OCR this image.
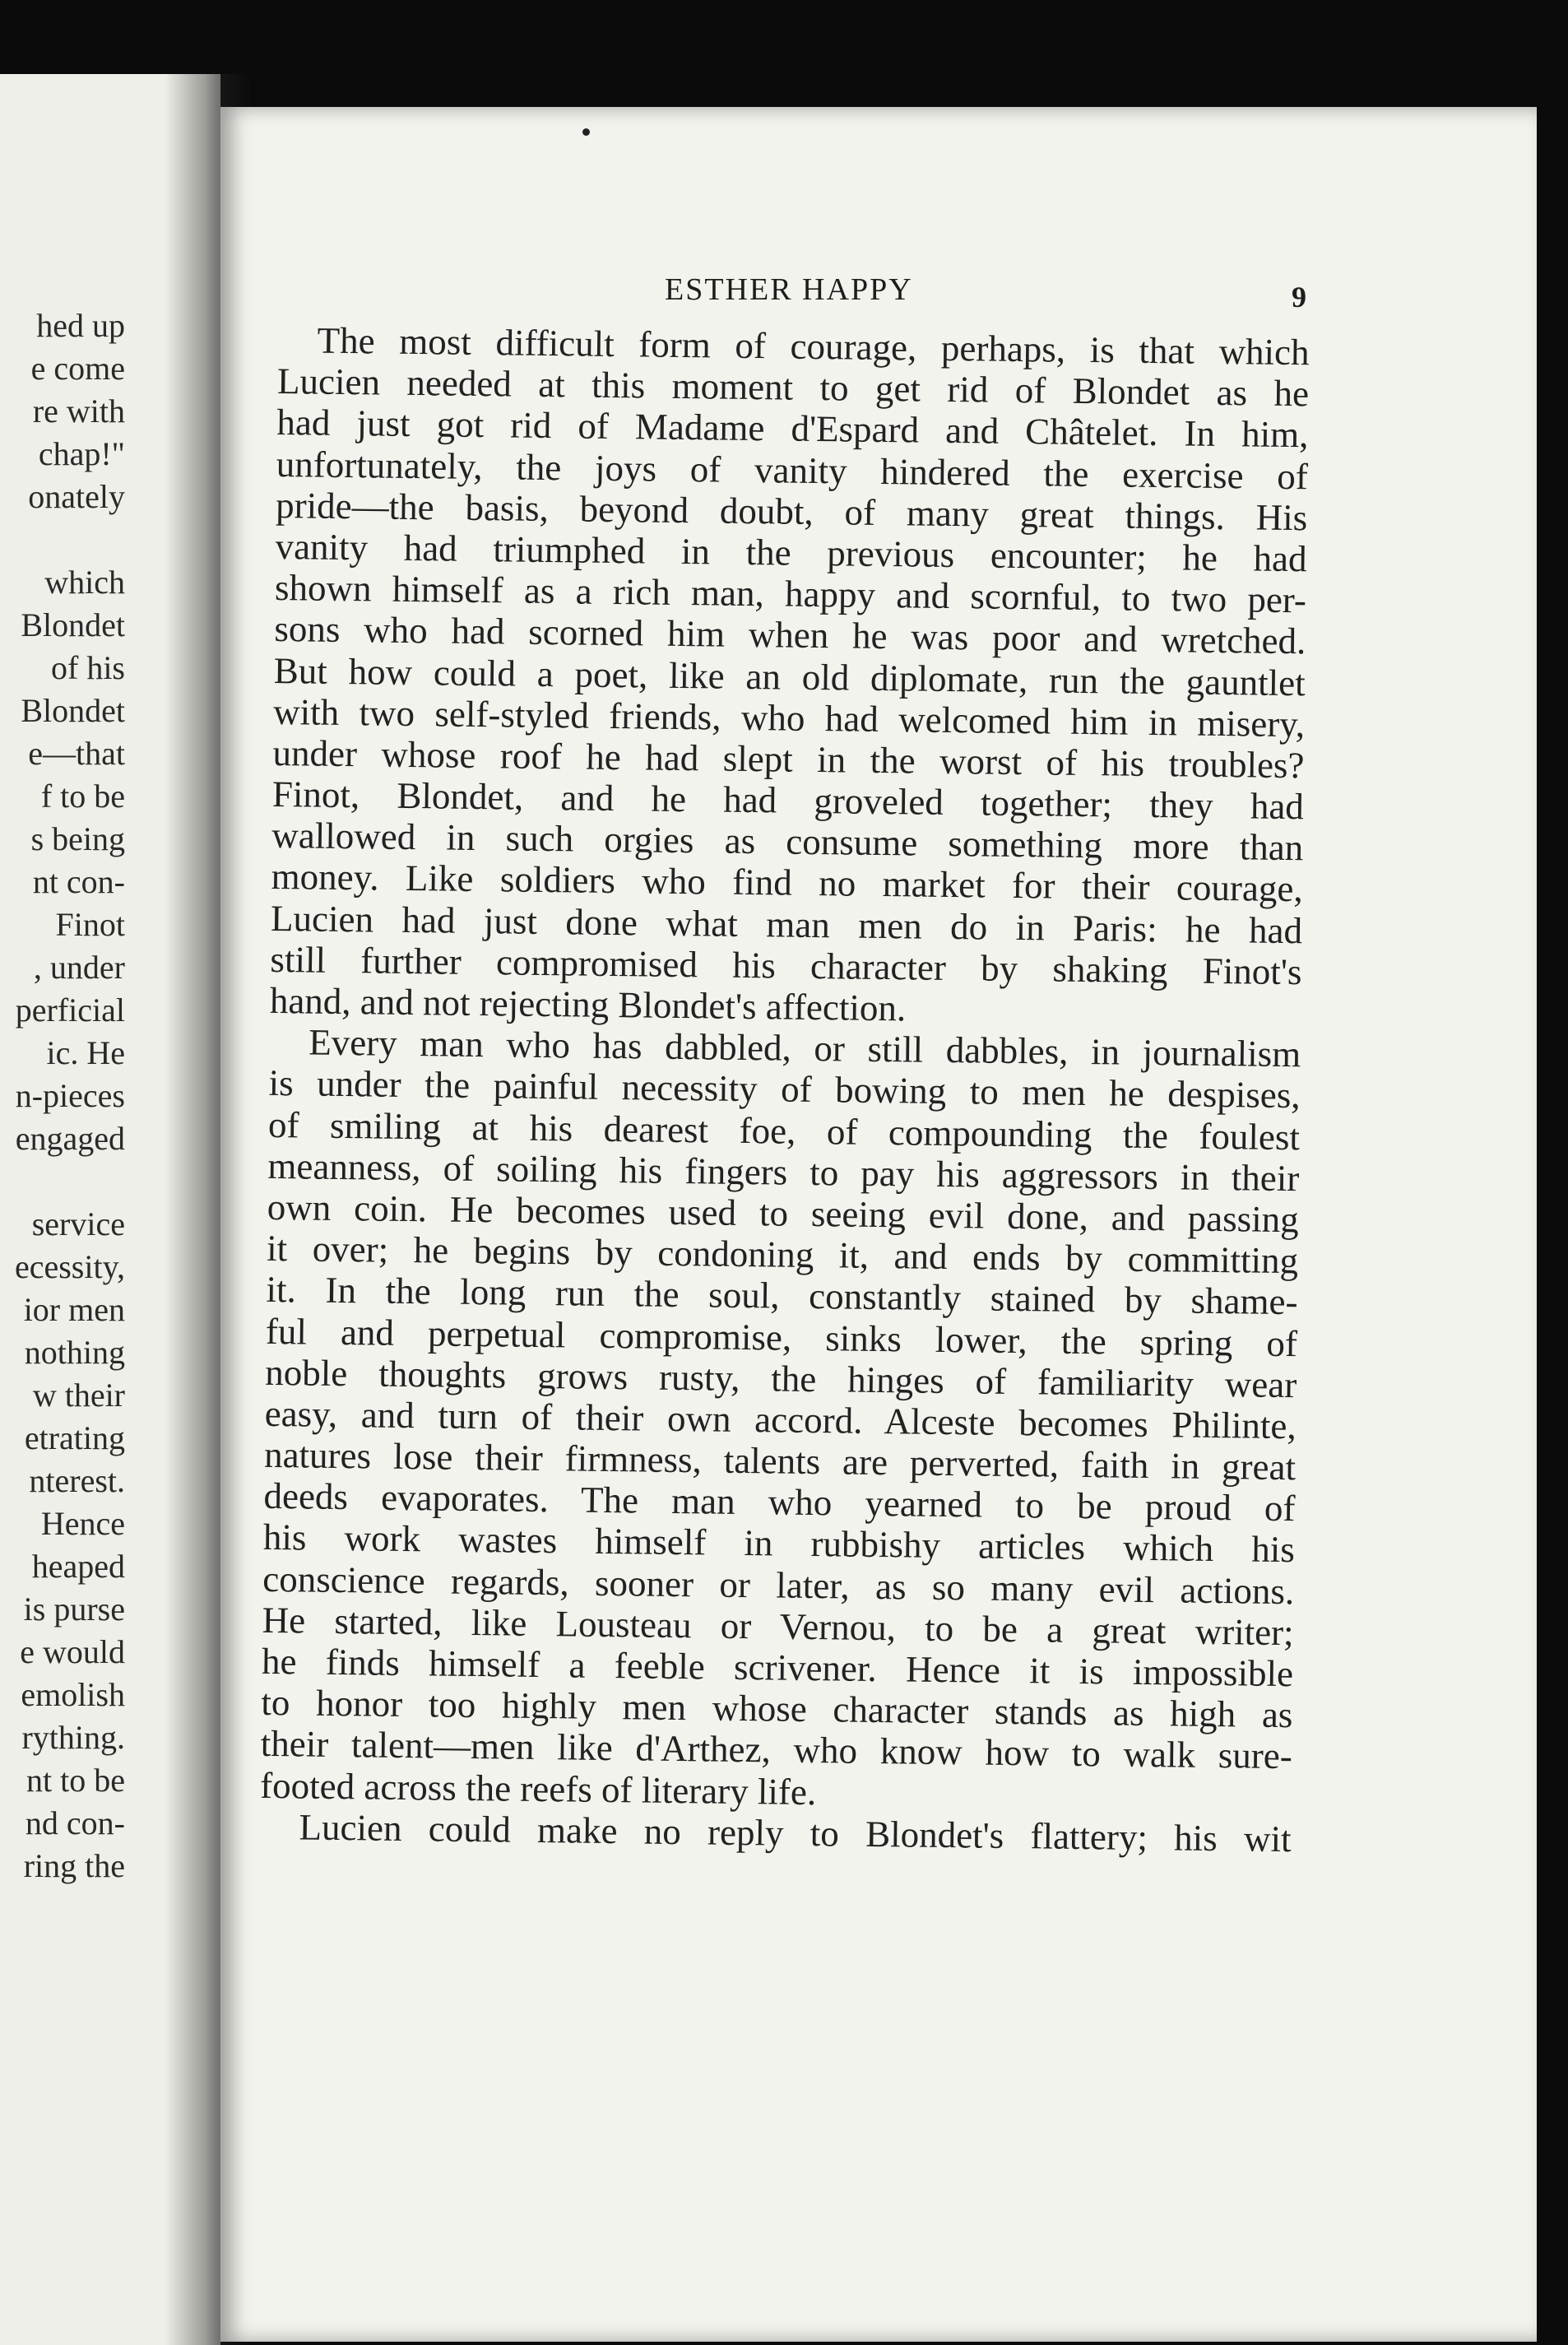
hed up
e come
re with
chap!"
onately
which
Blondet
of his
Blondet
e—that
f to be
s being
nt con-
Finot
, under
perficial
ic. He
n-pieces
engaged
service
ecessity,
ior men
nothing
w their
etrating
nterest.
Hence
heaped
is purse
e would
emolish
rything.
nt to be
nd con-
ring the
ESTHER HAPPY	9
The most difficult form of courage, perhaps, is that which
Lucien needed at this moment to get rid of Blondet as he
had just got rid of Madame d'Espard and Châtelet. In him,
unfortunately, the joys of vanity hindered the exercise of
pride—the basis, beyond doubt, of many great things. His
vanity had triumphed in the previous encounter; he had
shown himself as a rich man, happy and scornful, to two per-
sons who had scorned him when he was poor and wretched.
But how could a poet, like an old diplomate, run the gauntlet
with two self-styled friends, who had welcomed him in misery,
under whose roof he had slept in the worst of his troubles?
Finot, Blondet, and he had groveled together; they had
wallowed in such orgies as consume something more than
money. Like soldiers who find no market for their courage,
Lucien had just done what man men do in Paris: he had
still further compromised his character by shaking Finot's
hand, and not rejecting Blondet's affection.
Every man who has dabbled, or still dabbles, in journalism
is under the painful necessity of bowing to men he despises,
of smiling at his dearest foe, of compounding the foulest
meanness, of soiling his fingers to pay his aggressors in their
own coin. He becomes used to seeing evil done, and passing
it over; he begins by condoning it, and ends by committing
it. In the long run the soul, constantly stained by shame-
ful and perpetual compromise, sinks lower, the spring of
noble thoughts grows rusty, the hinges of familiarity wear
easy, and turn of their own accord. Alceste becomes Philinte,
natures lose their firmness, talents are perverted, faith in great
deeds evaporates. The man who yearned to be proud of
his work wastes himself in rubbishy articles which his
conscience regards, sooner or later, as so many evil actions.
He started, like Lousteau or Vernou, to be a great writer;
he finds himself a feeble scrivener. Hence it is impossible
to honor too highly men whose character stands as high as
their talent—men like d'Arthez, who know how to walk sure-
footed across the reefs of literary life.
Lucien could make no reply to Blondet's flattery; his wit
